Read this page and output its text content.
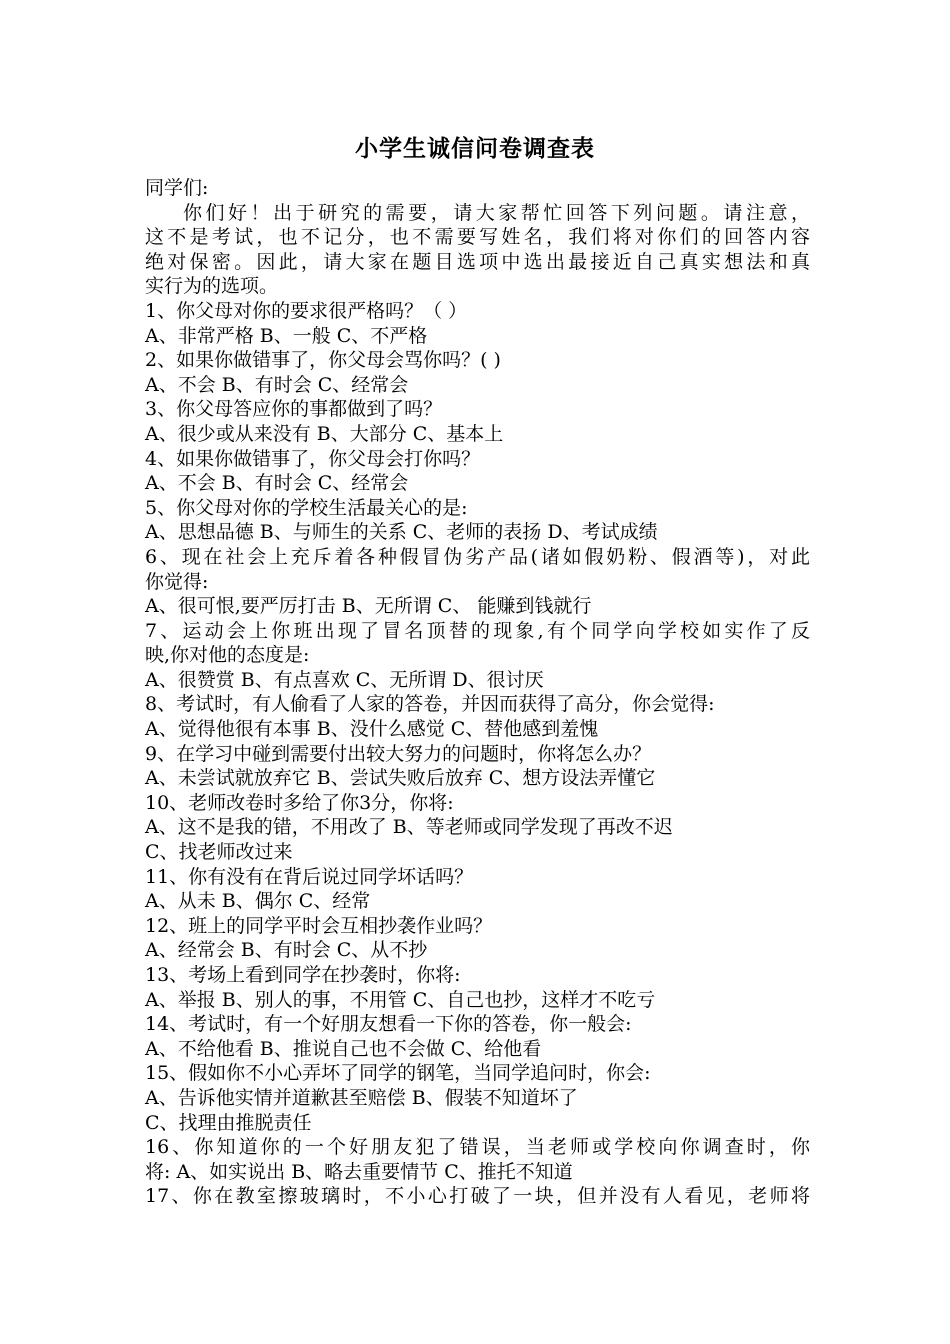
小学生诚信问卷调查表
同学们:
你们好！出于研究的需要，请大家帮忙回答下列问题。请注意，
这不是考试，也不记分，也不需要写姓名，我们将对你们的回答内容
绝对保密。因此，请大家在题目选项中选出最接近自己真实想法和真
实行为的选项。
1、你父母对你的要求很严格吗？（ ）
A、非常严格 B、一般 C、不严格
2、如果你做错事了，你父母会骂你吗？( )
A、不会 B、有时会 C、经常会
3、你父母答应你的事都做到了吗？
A、很少或从来没有 B、大部分 C、基本上
4、如果你做错事了，你父母会打你吗？
A、不会 B、有时会 C、经常会
5、你父母对你的学校生活最关心的是:
A、思想品德 B、与师生的关系 C、老师的表扬 D、考试成绩
6、现在社会上充斥着各种假冒伪劣产品(诸如假奶粉、假酒等)，对此
你觉得:
A、很可恨,要严厉打击 B、无所谓 C、 能赚到钱就行
7、运动会上你班出现了冒名顶替的现象,有个同学向学校如实作了反
映,你对他的态度是:
A、很赞赏 B、有点喜欢 C、无所谓 D、很讨厌
8、考试时，有人偷看了人家的答卷，并因而获得了高分，你会觉得:
A、觉得他很有本事 B、没什么感觉 C、替他感到羞愧
9、在学习中碰到需要付出较大努力的问题时，你将怎么办？
A、未尝试就放弃它 B、尝试失败后放弃 C、想方设法弄懂它
10、老师改卷时多给了你3分，你将:
A、这不是我的错，不用改了 B、等老师或同学发现了再改不迟
C、找老师改过来
11、你有没有在背后说过同学坏话吗？
A、从未 B、偶尔 C、经常
12、班上的同学平时会互相抄袭作业吗？
A、经常会 B、有时会 C、从不抄
13、考场上看到同学在抄袭时，你将:
A、举报 B、别人的事，不用管 C、自己也抄，这样才不吃亏
14、考试时，有一个好朋友想看一下你的答卷，你一般会:
A、不给他看 B、推说自己也不会做 C、给他看
15、假如你不小心弄坏了同学的钢笔，当同学追问时，你会:
A、告诉他实情并道歉甚至赔偿 B、假装不知道坏了
C、找理由推脱责任
16、你知道你的一个好朋友犯了错误，当老师或学校向你调查时，你
将: A、如实说出 B、略去重要情节 C、推托不知道
17、你在教室擦玻璃时，不小心打破了一块，但并没有人看见，老师将
